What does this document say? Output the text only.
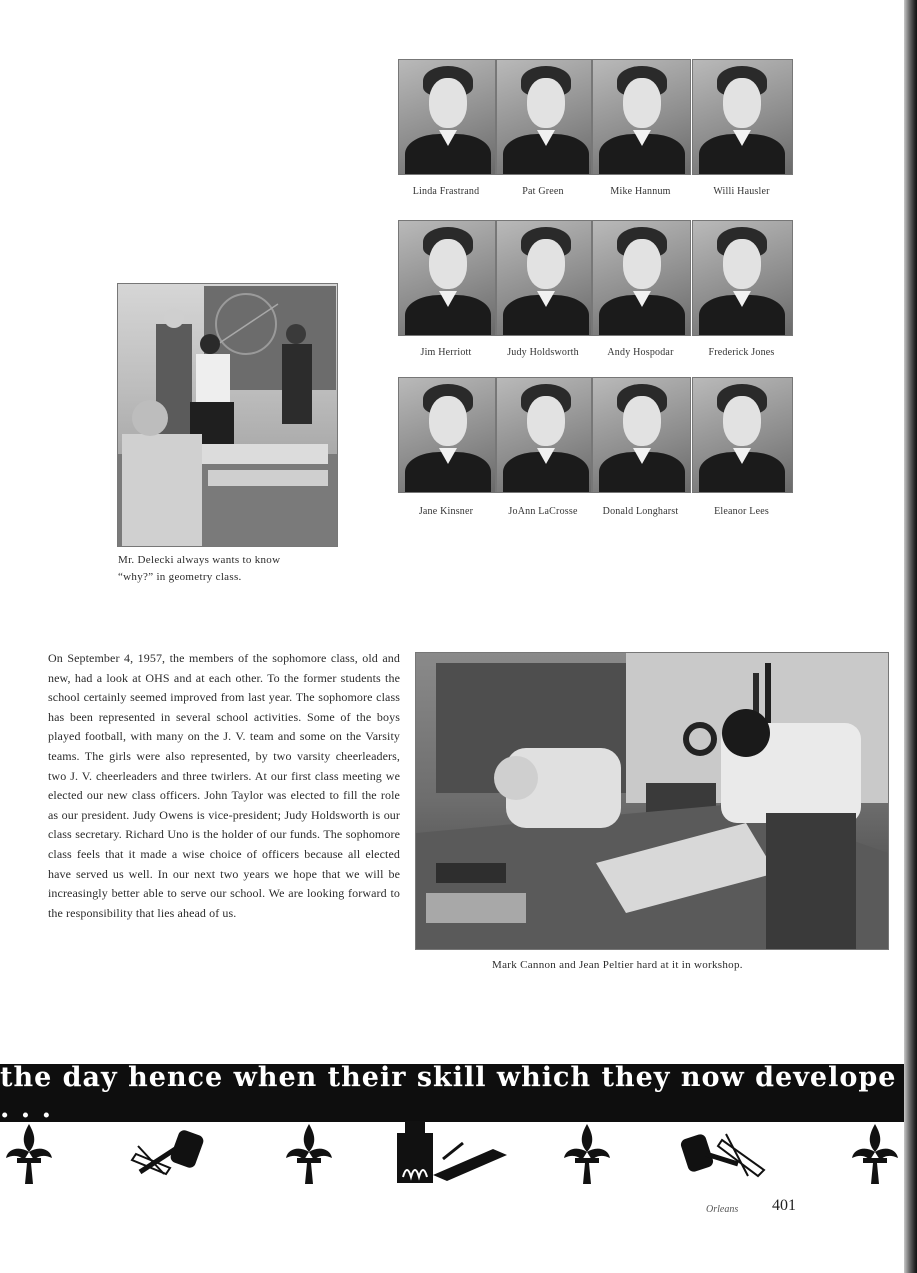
Linda Frastrand	Pat Green	Mike Hannum	Willi Hausler
Jim Herriott	Judy Holdsworth	Andy Hospodar	Frederick Jones
Jane Kinsner	JoAnn LaCrosse	Donald Longharst	Eleanor Lees
Mr. Delecki always wants to know
“why?” in geometry class.
On September 4, 1957, the members of the sophomore class, old and new, had a look at OHS and at each other. To the former students the school certainly seemed improved from last year. The sophomore class has been represented in several school activities. Some of the boys played football, with many on the J. V. team and some on the Varsity teams. The girls were also represented, by two varsity cheerleaders, two J. V. cheerleaders and three twirlers. At our first class meeting we elected our new class officers. John Taylor was elected to fill the role as our president. Judy Owens is vice-president; Judy Holdsworth is our class secretary. Richard Uno is the holder of our funds. The sophomore class feels that it made a wise choice of officers because all elected have served us well. In our next two years we hope that we will be increasingly better able to serve our school. We are looking forward to the responsibility that lies ahead of us.
Mark Cannon and Jean Peltier hard at it in workshop.
the day hence when their skill which they now develope . . .
Orleans 401
